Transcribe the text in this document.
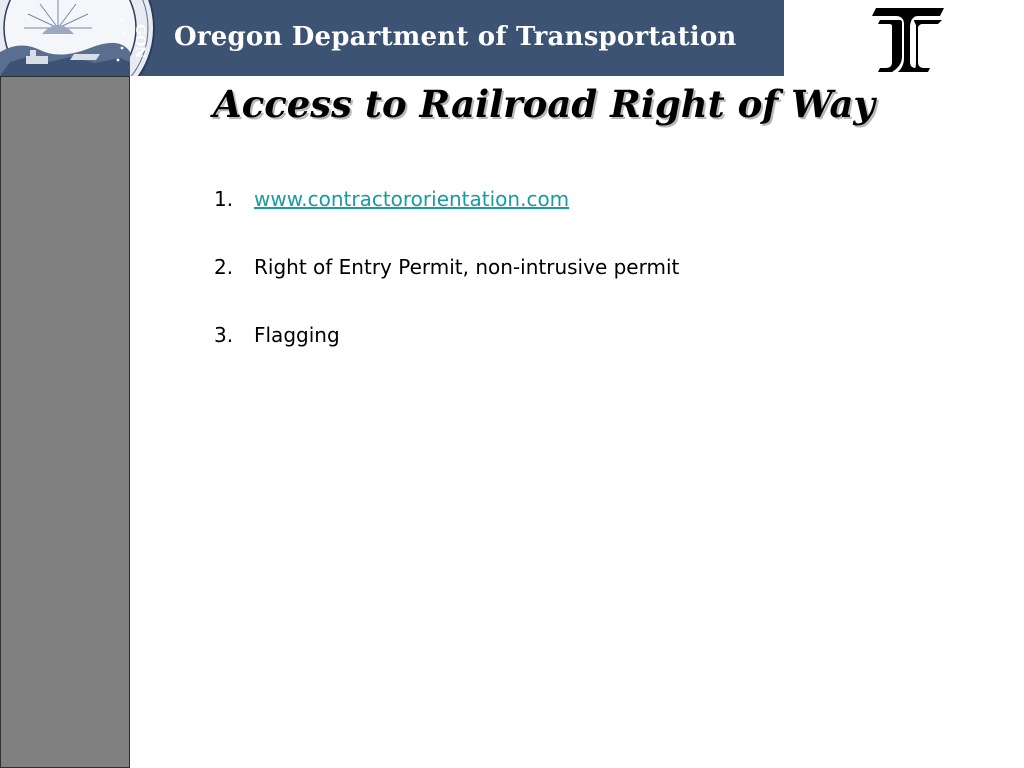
GON Oregon Department of Transportation
Access to Railroad Right of Way
1.	www.contractororientation.com
2.	Right of Entry Permit, non-intrusive permit
3.	Flagging
